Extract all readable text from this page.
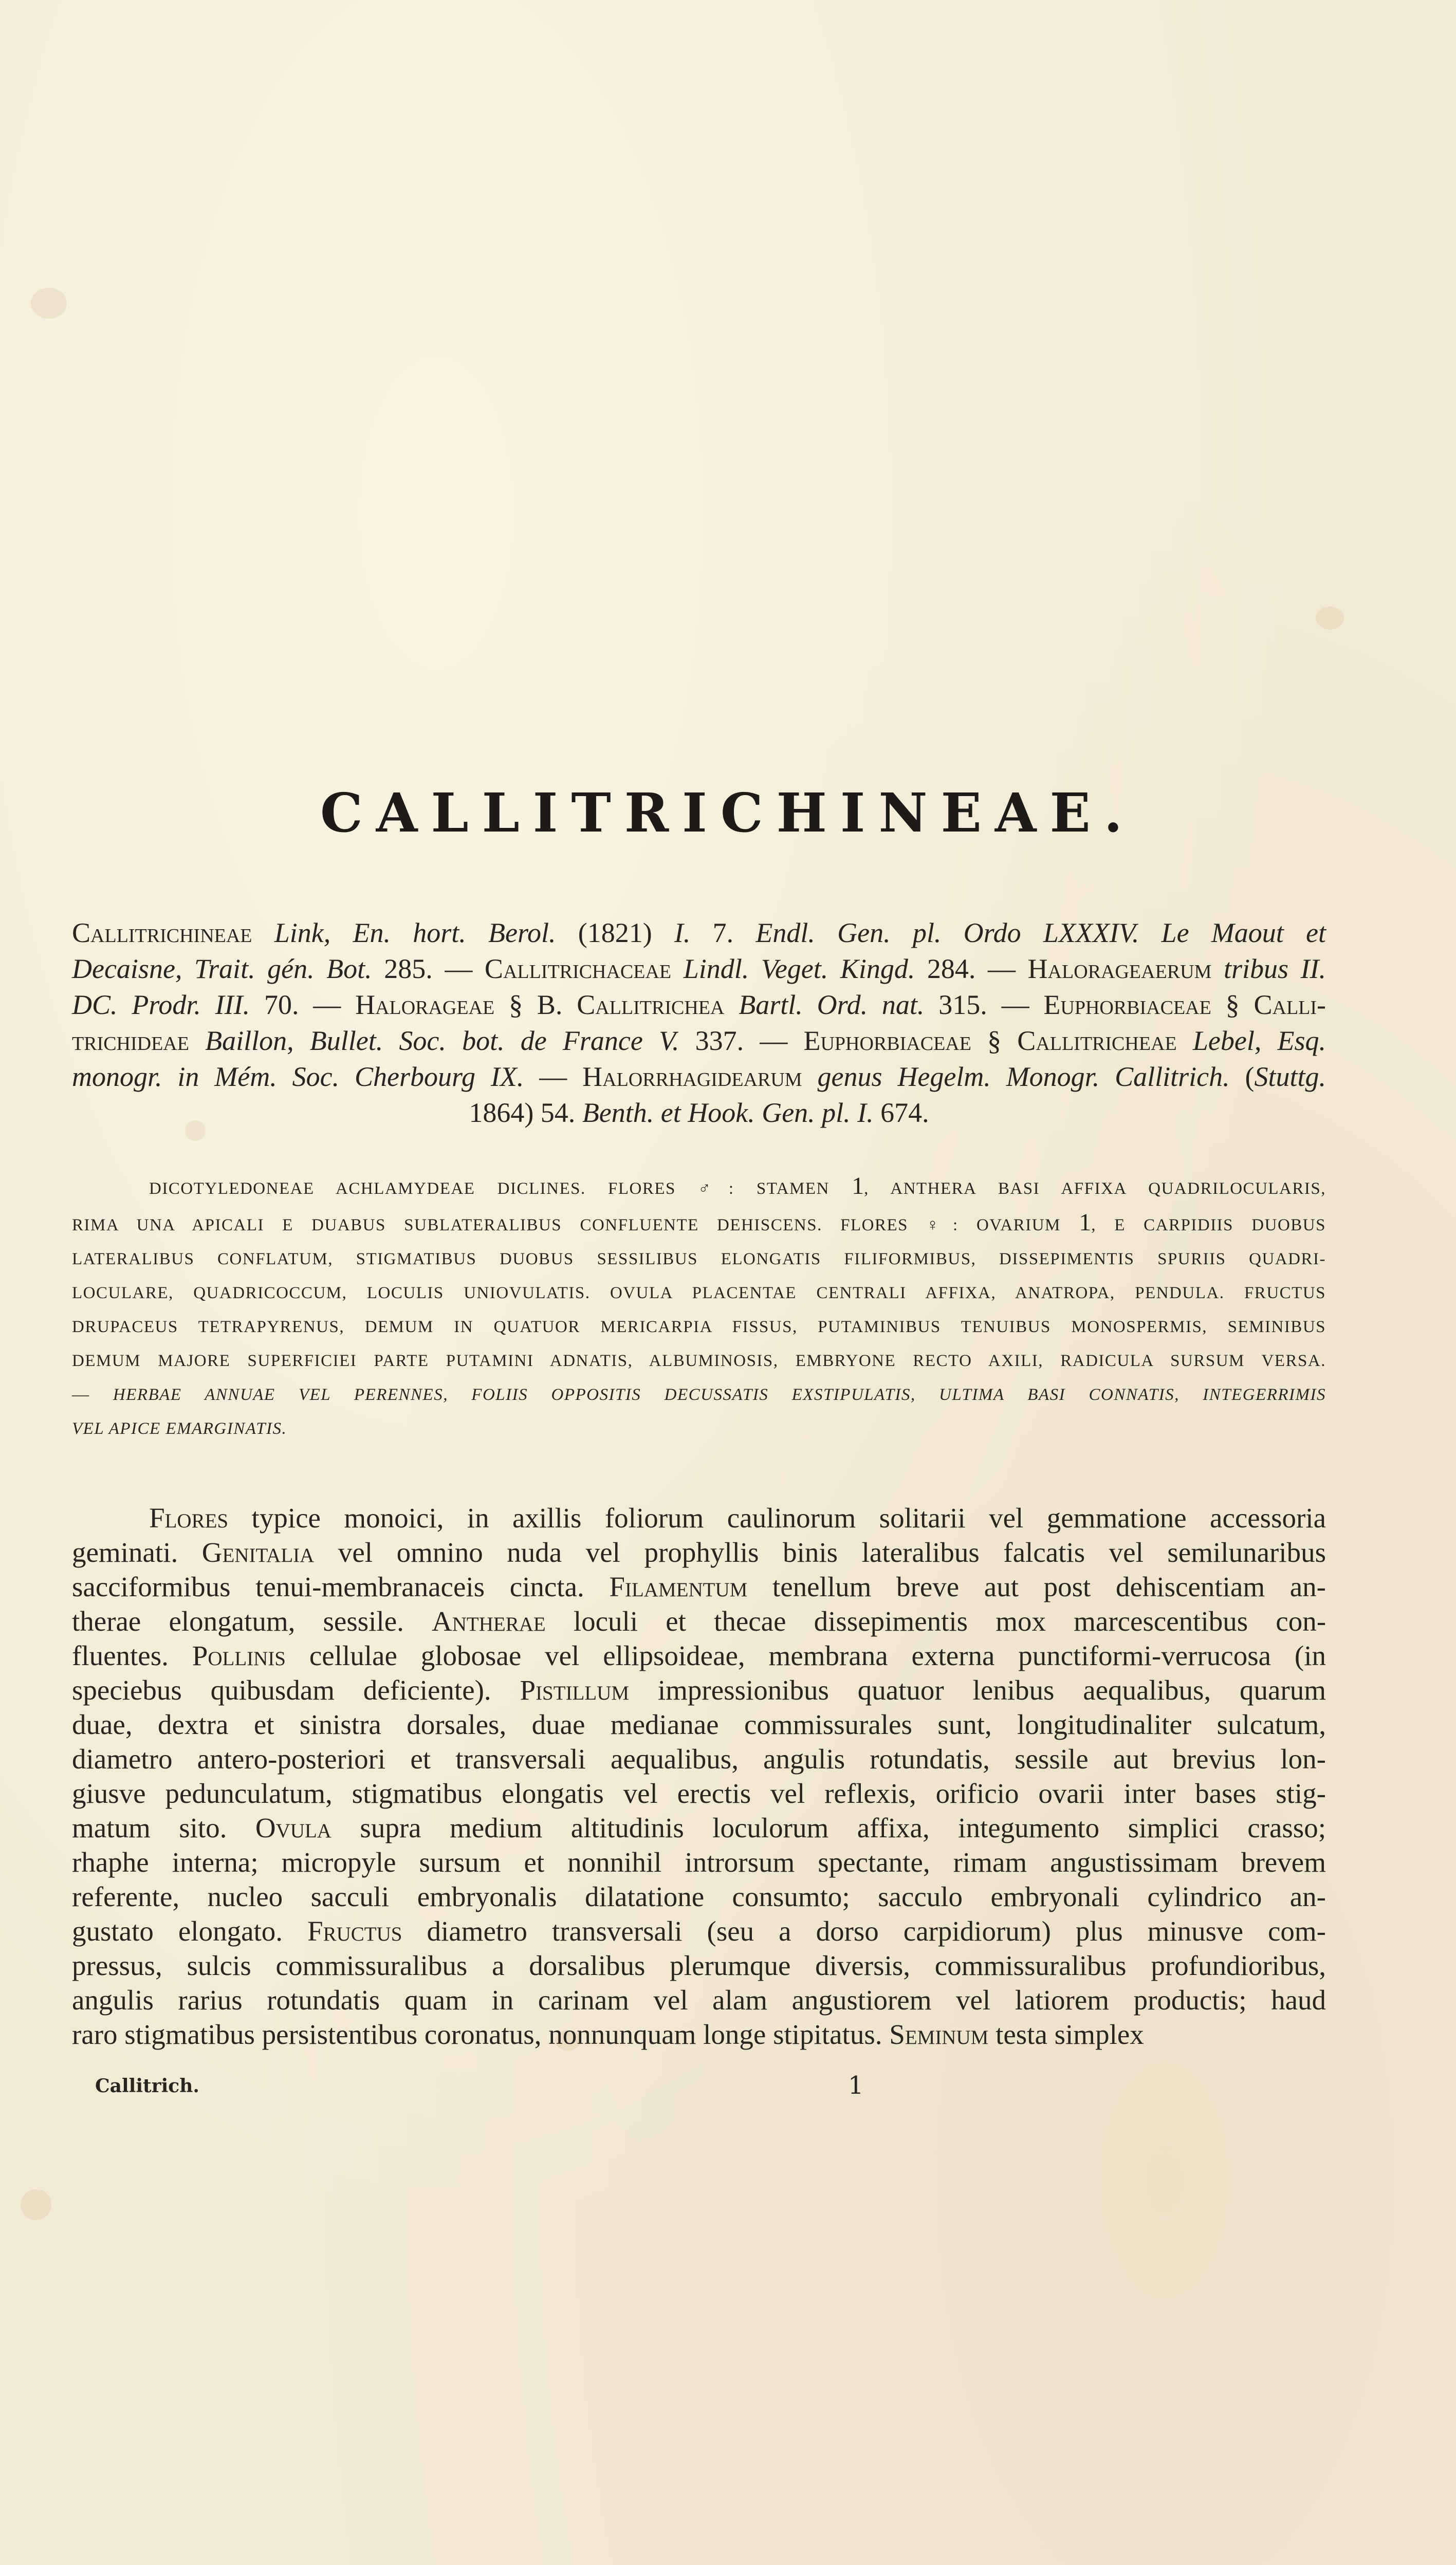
CALLITRICHINEAE.
Callitrichineae Link, En. hort. Berol. (1821) I. 7. Endl. Gen. pl. Ordo LXXXIV. Le Maout et
Decaisne, Trait. gén. Bot. 285. — Callitrichaceae Lindl. Veget. Kingd. 284. — Halorageaerum tribus II.
DC. Prodr. III. 70. — Halorageae § B. Callitrichea Bartl. Ord. nat. 315. — Euphorbiaceae § Calli-
trichideae Baillon, Bullet. Soc. bot. de France V. 337. — Euphorbiaceae § Callitricheae Lebel, Esq.
monogr. in Mém. Soc. Cherbourg IX. — Halorrhagidearum genus Hegelm. Monogr. Callitrich. (Stuttg.
1864) 54. Benth. et Hook. Gen. pl. I. 674.
DICOTYLEDONEAE ACHLAMYDEAE DICLINES. FLORES ♂: STAMEN 1, ANTHERA BASI AFFIXA QUADRILOCULARIS,
RIMA UNA APICALI E DUABUS SUBLATERALIBUS CONFLUENTE DEHISCENS. FLORES ♀: OVARIUM 1, E CARPIDIIS DUOBUS
LATERALIBUS CONFLATUM, STIGMATIBUS DUOBUS SESSILIBUS ELONGATIS FILIFORMIBUS, DISSEPIMENTIS SPURIIS QUADRI-
LOCULARE, QUADRICOCCUM, LOCULIS UNIOVULATIS. OVULA PLACENTAE CENTRALI AFFIXA, ANATROPA, PENDULA. FRUCTUS
DRUPACEUS TETRAPYRENUS, DEMUM IN QUATUOR MERICARPIA FISSUS, PUTAMINIBUS TENUIBUS MONOSPERMIS, SEMINIBUS
DEMUM MAJORE SUPERFICIEI PARTE PUTAMINI ADNATIS, ALBUMINOSIS, EMBRYONE RECTO AXILI, RADICULA SURSUM VERSA.
— HERBAE ANNUAE VEL PERENNES, FOLIIS OPPOSITIS DECUSSATIS EXSTIPULATIS, ULTIMA BASI CONNATIS, INTEGERRIMIS
VEL APICE EMARGINATIS.
Flores typice monoici, in axillis foliorum caulinorum solitarii vel gemmatione accessoria
geminati. Genitalia vel omnino nuda vel prophyllis binis lateralibus falcatis vel semilunaribus
sacciformibus tenui-membranaceis cincta. Filamentum tenellum breve aut post dehiscentiam an-
therae elongatum, sessile. Antherae loculi et thecae dissepimentis mox marcescentibus con-
fluentes. Pollinis cellulae globosae vel ellipsoideae, membrana externa punctiformi-verrucosa (in
speciebus quibusdam deficiente). Pistillum impressionibus quatuor lenibus aequalibus, quarum
duae, dextra et sinistra dorsales, duae medianae commissurales sunt, longitudinaliter sulcatum,
diametro antero-posteriori et transversali aequalibus, angulis rotundatis, sessile aut brevius lon-
giusve pedunculatum, stigmatibus elongatis vel erectis vel reflexis, orificio ovarii inter bases stig-
matum sito. Ovula supra medium altitudinis loculorum affixa, integumento simplici crasso;
rhaphe interna; micropyle sursum et nonnihil introrsum spectante, rimam angustissimam brevem
referente, nucleo sacculi embryonalis dilatatione consumto; sacculo embryonali cylindrico an-
gustato elongato. Fructus diametro transversali (seu a dorso carpidiorum) plus minusve com-
pressus, sulcis commissuralibus a dorsalibus plerumque diversis, commissuralibus profundioribus,
angulis rarius rotundatis quam in carinam vel alam angustiorem vel latiorem productis; haud
raro stigmatibus persistentibus coronatus, nonnunquam longe stipitatus. Seminum testa simplex
Callitrich.	1
